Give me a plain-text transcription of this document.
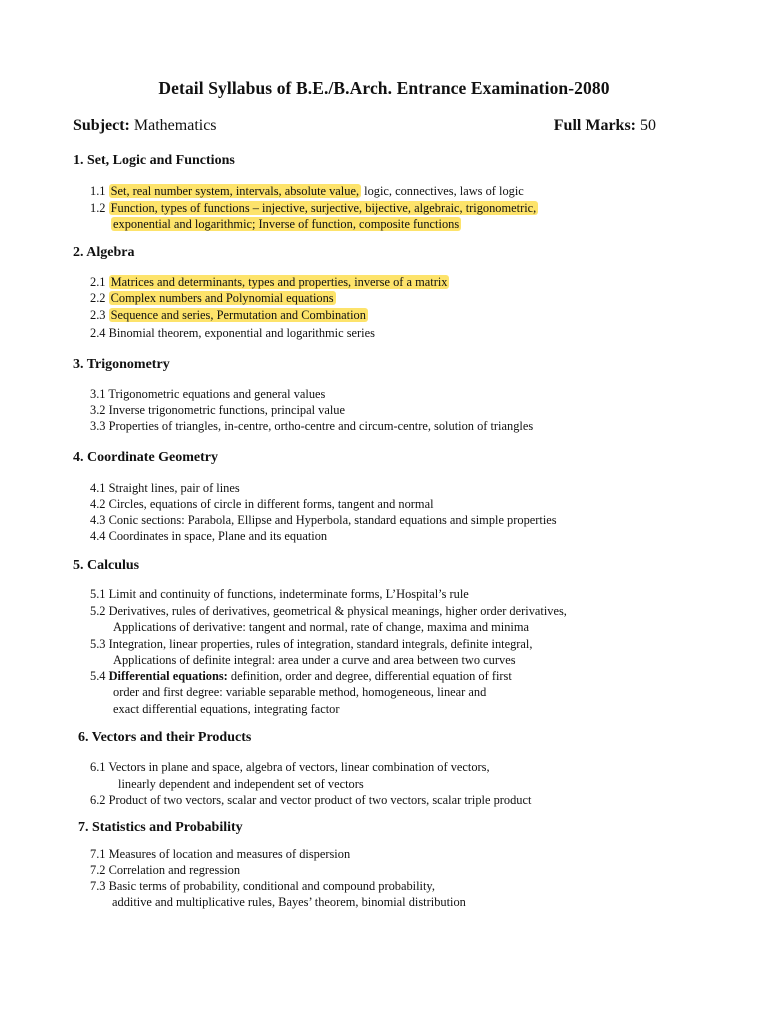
Detail Syllabus of B.E./B.Arch. Entrance Examination-2080
Subject: Mathematics	Full Marks: 50
1. Set, Logic and Functions
1.1 Set, real number system, intervals, absolute value, logic, connectives, laws of logic
1.2 Function, types of functions – injective, surjective, bijective, algebraic, trigonometric,
exponential and logarithmic; Inverse of function, composite functions
2. Algebra
2.1 Matrices and determinants, types and properties, inverse of a matrix
2.2 Complex numbers and Polynomial equations
2.3 Sequence and series, Permutation and Combination
2.4 Binomial theorem, exponential and logarithmic series
3. Trigonometry
3.1 Trigonometric equations and general values
3.2 Inverse trigonometric functions, principal value
3.3 Properties of triangles, in-centre, ortho-centre and circum-centre, solution of triangles
4. Coordinate Geometry
4.1 Straight lines, pair of lines
4.2 Circles, equations of circle in different forms, tangent and normal
4.3 Conic sections: Parabola, Ellipse and Hyperbola, standard equations and simple properties
4.4 Coordinates in space, Plane and its equation
5. Calculus
5.1 Limit and continuity of functions, indeterminate forms, L’Hospital’s rule
5.2 Derivatives, rules of derivatives, geometrical & physical meanings, higher order derivatives,
Applications of derivative: tangent and normal, rate of change, maxima and minima
5.3 Integration, linear properties, rules of integration, standard integrals, definite integral,
Applications of definite integral: area under a curve and area between two curves
5.4 Differential equations: definition, order and degree, differential equation of first
order and first degree: variable separable method, homogeneous, linear and
exact differential equations, integrating factor
6. Vectors and their Products
6.1 Vectors in plane and space, algebra of vectors, linear combination of vectors,
linearly dependent and independent set of vectors
6.2 Product of two vectors, scalar and vector product of two vectors, scalar triple product
7. Statistics and Probability
7.1 Measures of location and measures of dispersion
7.2 Correlation and regression
7.3 Basic terms of probability, conditional and compound probability,
additive and multiplicative rules, Bayes’ theorem, binomial distribution
